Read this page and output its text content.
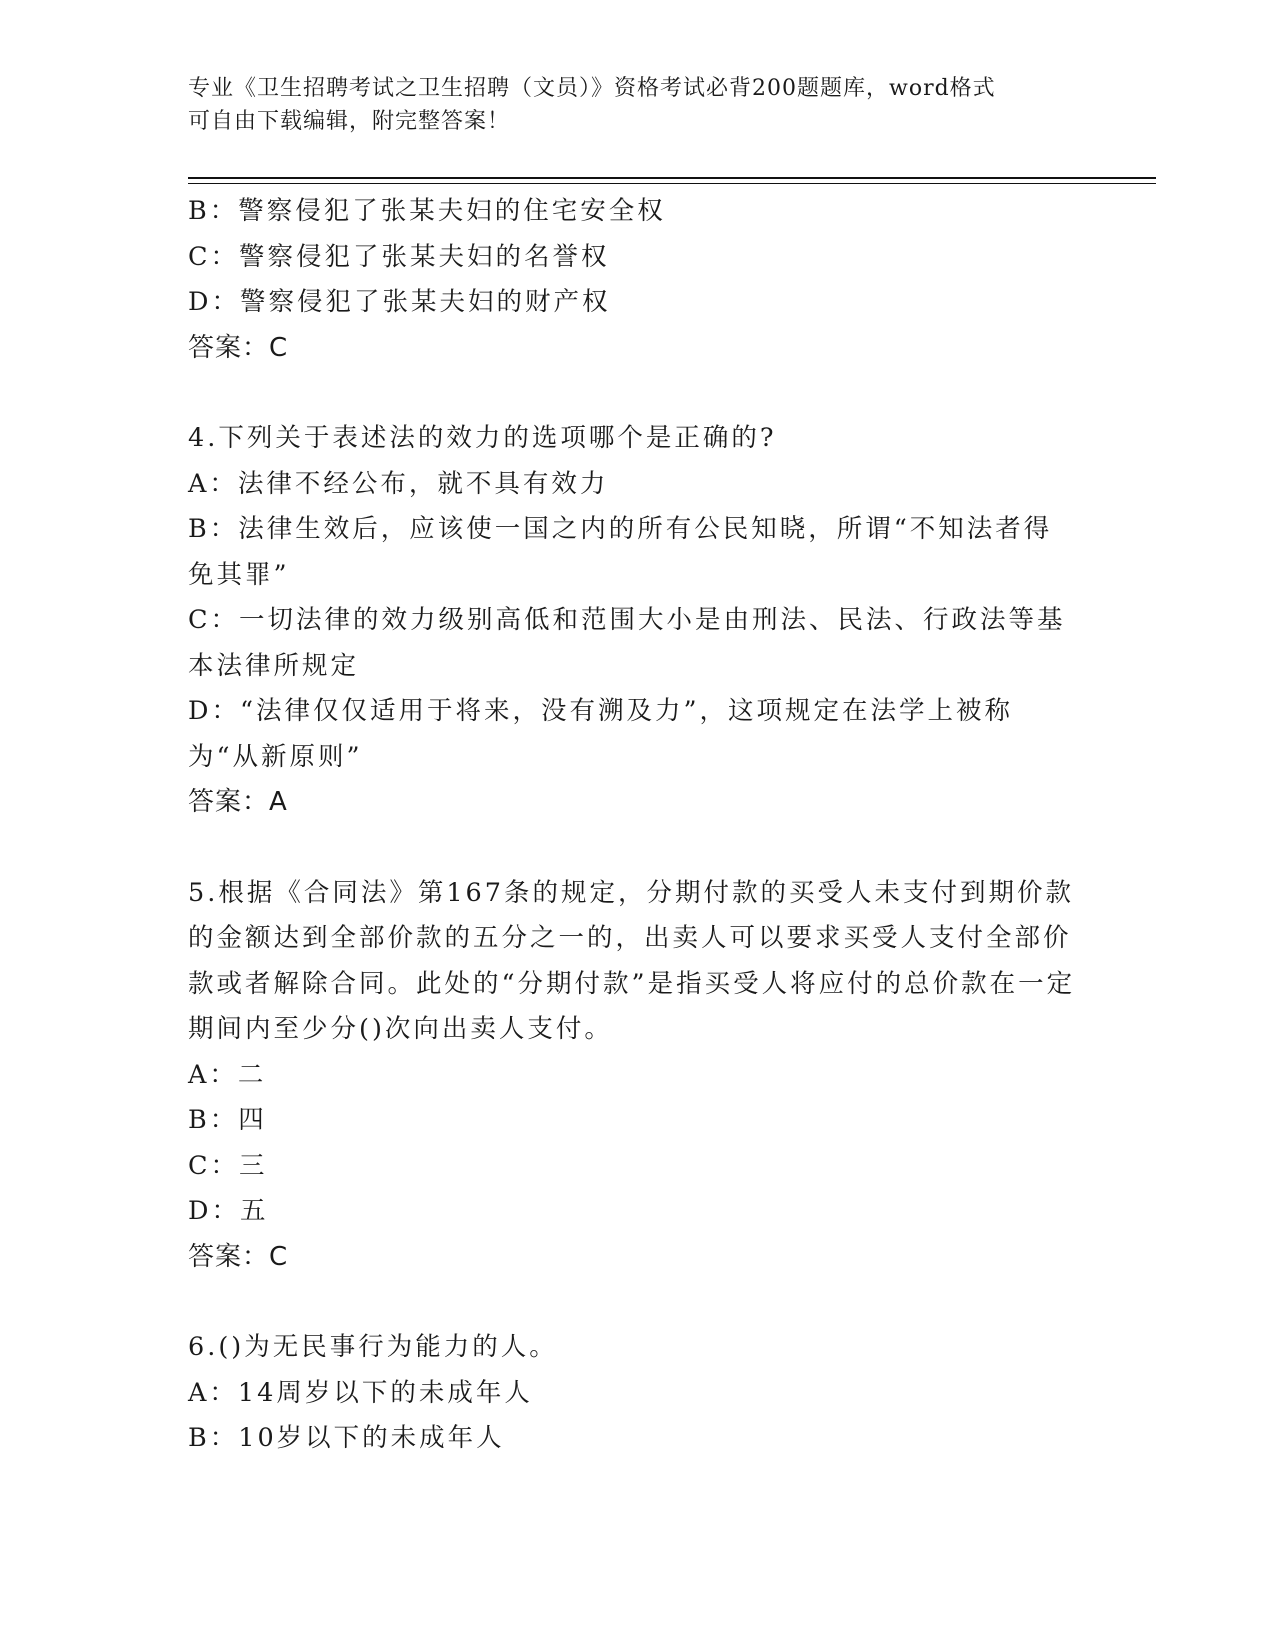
专业《卫生招聘考试之卫生招聘（文员）》资格考试必背200题题库，word格式
可自由下载编辑，附完整答案！

B：警察侵犯了张某夫妇的住宅安全权

C：警察侵犯了张某夫妇的名誉权

D：警察侵犯了张某夫妇的财产权

答案：C

4.下列关于表述法的效力的选项哪个是正确的?

A：法律不经公布，就不具有效力

B：法律生效后，应该使一国之内的所有公民知晓，所谓“不知法者得免其罪”

C：一切法律的效力级别高低和范围大小是由刑法、民法、行政法等基本法律所规定

D：“法律仅仅适用于将来，没有溯及力”，这项规定在法学上被称为“从新原则”

答案：A

5.根据《合同法》第167条的规定，分期付款的买受人未支付到期价款的金额达到全部价款的五分之一的，出卖人可以要求买受人支付全部价款或者解除合同。此处的“分期付款”是指买受人将应付的总价款在一定期间内至少分()次向出卖人支付。

A：二

B：四

C：三

D：五

答案：C

6.()为无民事行为能力的人。

A：14周岁以下的未成年人

B：10岁以下的未成年人
